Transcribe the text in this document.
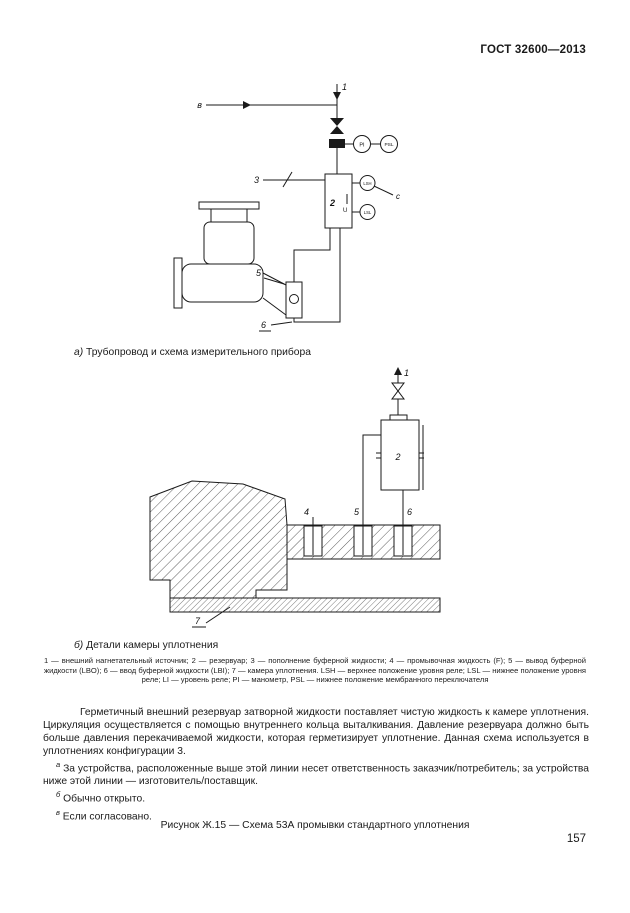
ГОСТ 32600—2013
1
в
PI	PSL
3
2
U
LSH
LSL
с
5
6
а) Трубопровод и схема измерительного прибора
1
2
4	5	6
7
б) Детали камеры уплотнения
1 — внешний нагнетательный источник; 2 — резервуар; 3 — пополнение буферной жидкости; 4 — промывочная жидкость (F); 5 — вывод буферной жидкости (LBO); 6 — ввод буферной жидкости (LBI); 7 — камера уплотнения. LSH — верхнее положение уровня реле; LSL — нижнее положение уровня реле; LI — уровень реле; PI — манометр, PSL — нижнее положение мембранного переключателя

Герметичный внешний резервуар затворной жидкости поставляет чистую жидкость к камере уплотнения. Циркуляция осуществляется с помощью внутреннего кольца выталкивания. Давление резервуара должно быть больше давления перекачиваемой жидкости, которая герметизирует уплотнение. Данная схема используется в уплотнениях конфигурации 3.

$^а$ За устройства, расположенные выше этой линии несет ответственность заказчик/потребитель; за устройства ниже этой линии — изготовитель/поставщик.

$^б$ Обычно открыто.

$^в$ Если согласовано.

Рисунок Ж.15 — Схема 53А промывки стандартного уплотнения
157
